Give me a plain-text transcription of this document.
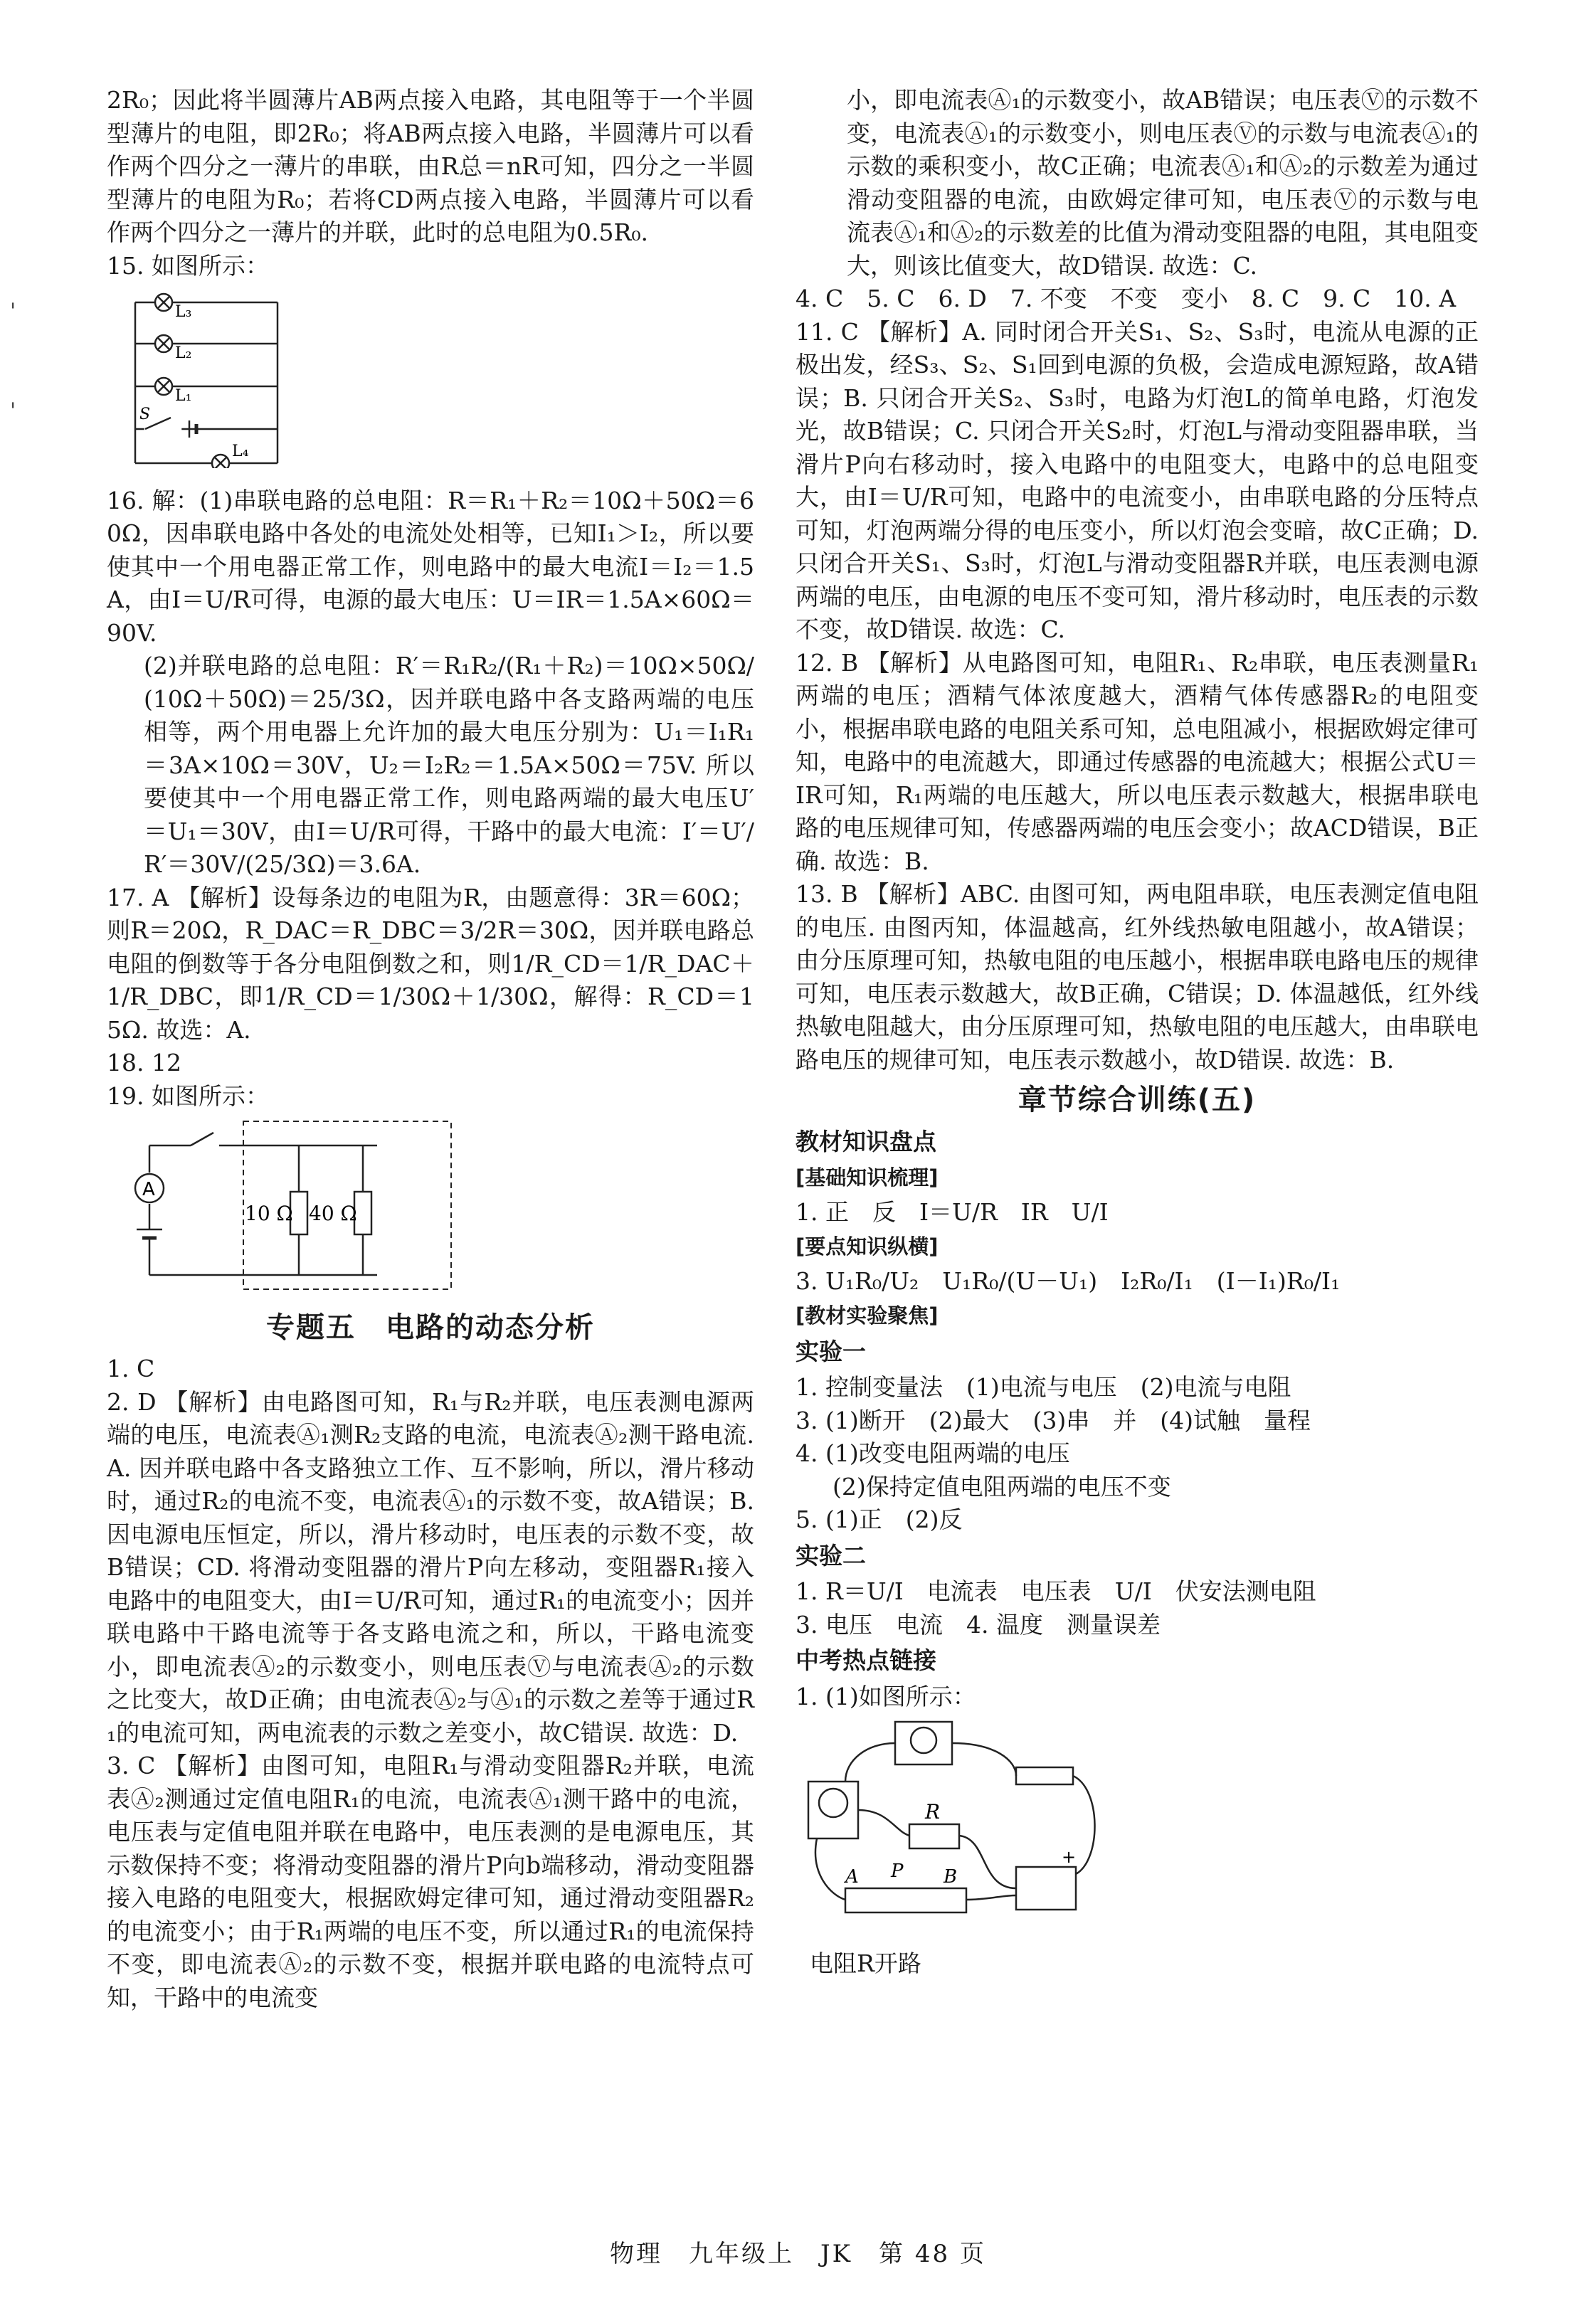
'
'

2R₀；因此将半圆薄片AB两点接入电路，其电阻等于一个半圆型薄片的电阻，即2R₀；将AB两点接入电路，半圆薄片可以看作两个四分之一薄片的串联，由R总＝nR可知，四分之一半圆型薄片的电阻为R₀；若将CD两点接入电路，半圆薄片可以看作两个四分之一薄片的并联，此时的总电阻为0.5R₀.

15. 如图所示：

L₃
L₂
L₁
L₄
S

16. 解：(1)串联电路的总电阻：R＝R₁＋R₂＝10Ω＋50Ω＝60Ω，因串联电路中各处的电流处处相等，已知I₁＞I₂，所以要使其中一个用电器正常工作，则电路中的最大电流I＝I₂＝1.5A，由I＝U/R可得，电源的最大电压：U＝IR＝1.5A×60Ω＝90V.

(2)并联电路的总电阻：R′＝R₁R₂/(R₁＋R₂)＝10Ω×50Ω/(10Ω＋50Ω)＝25/3Ω，因并联电路中各支路两端的电压相等，两个用电器上允许加的最大电压分别为：U₁＝I₁R₁＝3A×10Ω＝30V，U₂＝I₂R₂＝1.5A×50Ω＝75V. 所以要使其中一个用电器正常工作，则电路两端的最大电压U′＝U₁＝30V，由I＝U/R可得，干路中的最大电流：I′＝U′/R′＝30V/(25/3Ω)＝3.6A.

17. A 【解析】设每条边的电阻为R，由题意得：3R＝60Ω；则R＝20Ω，R_DAC＝R_DBC＝3/2R＝30Ω，因并联电路总电阻的倒数等于各分电阻倒数之和，则1/R_CD＝1/R_DAC＋1/R_DBC，即1/R_CD＝1/30Ω＋1/30Ω，解得：R_CD＝15Ω. 故选：A.

18. 12

19. 如图所示：

A
10 Ω 40 Ω
专题五　电路的动态分析

1. C

2. D 【解析】由电路图可知，R₁与R₂并联，电压表测电源两端的电压，电流表Ⓐ₁测R₂支路的电流，电流表Ⓐ₂测干路电流. A. 因并联电路中各支路独立工作、互不影响，所以，滑片移动时，通过R₂的电流不变，电流表Ⓐ₁的示数不变，故A错误；B. 因电源电压恒定，所以，滑片移动时，电压表的示数不变，故B错误；CD. 将滑动变阻器的滑片P向左移动，变阻器R₁接入电路中的电阻变大，由I＝U/R可知，通过R₁的电流变小；因并联电路中干路电流等于各支路电流之和，所以，干路电流变小，即电流表Ⓐ₂的示数变小，则电压表Ⓥ与电流表Ⓐ₂的示数之比变大，故D正确；由电流表Ⓐ₂与Ⓐ₁的示数之差等于通过R₁的电流可知，两电流表的示数之差变小，故C错误. 故选：D.

3. C 【解析】由图可知，电阻R₁与滑动变阻器R₂并联，电流表Ⓐ₂测通过定值电阻R₁的电流，电流表Ⓐ₁测干路中的电流，电压表与定值电阻并联在电路中，电压表测的是电源电压，其示数保持不变；将滑动变阻器的滑片P向b端移动，滑动变阻器接入电路的电阻变大，根据欧姆定律可知，通过滑动变阻器R₂的电流变小；由于R₁两端的电压不变，所以通过R₁的电流保持不变，即电流表Ⓐ₂的示数不变，根据并联电路的电流特点可知，干路中的电流变

小，即电流表Ⓐ₁的示数变小，故AB错误；电压表Ⓥ的示数不变，电流表Ⓐ₁的示数变小，则电压表Ⓥ的示数与电流表Ⓐ₁的示数的乘积变小，故C正确；电流表Ⓐ₁和Ⓐ₂的示数差为通过滑动变阻器的电流，由欧姆定律可知，电压表Ⓥ的示数与电流表Ⓐ₁和Ⓐ₂的示数差的比值为滑动变阻器的电阻，其电阻变大，则该比值变大，故D错误. 故选：C.

4. C　5. C　6. D　7. 不变　不变　变小　8. C　9. C　10. A

11. C 【解析】A. 同时闭合开关S₁、S₂、S₃时，电流从电源的正极出发，经S₃、S₂、S₁回到电源的负极，会造成电源短路，故A错误；B. 只闭合开关S₂、S₃时，电路为灯泡L的简单电路，灯泡发光，故B错误；C. 只闭合开关S₂时，灯泡L与滑动变阻器串联，当滑片P向右移动时，接入电路中的电阻变大，电路中的总电阻变大，由I＝U/R可知，电路中的电流变小，由串联电路的分压特点可知，灯泡两端分得的电压变小，所以灯泡会变暗，故C正确；D. 只闭合开关S₁、S₃时，灯泡L与滑动变阻器R并联，电压表测电源两端的电压，由电源的电压不变可知，滑片移动时，电压表的示数不变，故D错误. 故选：C.

12. B 【解析】从电路图可知，电阻R₁、R₂串联，电压表测量R₁两端的电压；酒精气体浓度越大，酒精气体传感器R₂的电阻变小，根据串联电路的电阻关系可知，总电阻减小，根据欧姆定律可知，电路中的电流越大，即通过传感器的电流越大；根据公式U＝IR可知，R₁两端的电压越大，所以电压表示数越大，根据串联电路的电压规律可知，传感器两端的电压会变小；故ACD错误，B正确. 故选：B.

13. B 【解析】ABC. 由图可知，两电阻串联，电压表测定值电阻的电压. 由图丙知，体温越高，红外线热敏电阻越小，故A错误；由分压原理可知，热敏电阻的电压越小，根据串联电路电压的规律可知，电压表示数越大，故B正确，C错误；D. 体温越低，红外线热敏电阻越大，由分压原理可知，热敏电阻的电压越大，由串联电路电压的规律可知，电压表示数越小，故D错误. 故选：B.

章节综合训练(五)
教材知识盘点
[基础知识梳理]

1. 正　反　I＝U/R　IR　U/I

[要点知识纵横]

3. U₁R₀/U₂　U₁R₀/(U－U₁)　I₂R₀/I₁　(I－I₁)R₀/I₁

[教材实验聚焦]
实验一

1. 控制变量法　(1)电流与电压　(2)电流与电阻

3. (1)断开　(2)最大　(3)串　并　(4)试触　量程

4. (1)改变电阻两端的电压

(2)保持定值电阻两端的电压不变

5. (1)正　(2)反

实验二

1. R＝U/I　电流表　电压表　U/I　伏安法测电阻

3. 电压　电流　4. 温度　测量误差

中考热点链接

1. (1)如图所示：

R
A P B
+

电阻R开路

物理　九年级上　JK　第 48 页
